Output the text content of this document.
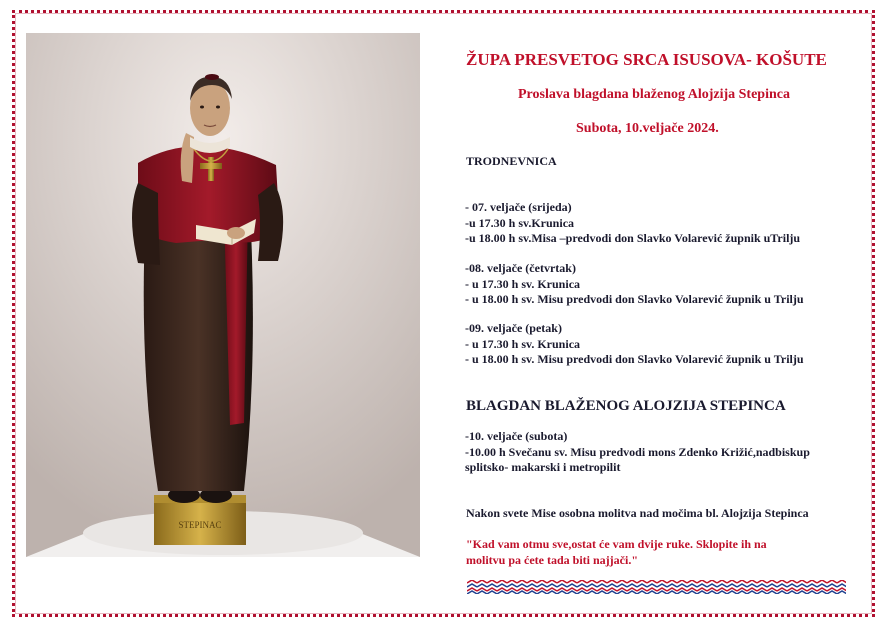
STEPINAC
ŽUPA PRESVETOG SRCA ISUSOVA- KOŠUTE
Proslava blagdana blaženog Alojzija Stepinca
Subota, 10.veljače 2024.
TRODNEVNICA
- 07. veljače (srijeda)
-u 17.30 h sv.Krunica
-u 18.00 h sv.Misa –predvodi don Slavko Volarević župnik uTrilju
-08. veljače (četvrtak)
- u 17.30 h sv. Krunica
- u 18.00 h sv. Misu predvodi don Slavko Volarević župnik u Trilju
-09. veljače (petak)
- u 17.30 h sv. Krunica
- u 18.00 h sv. Misu predvodi don Slavko Volarević župnik u Trilju
BLAGDAN BLAŽENOG ALOJZIJA STEPINCA
-10. veljače (subota)
-10.00 h Svečanu sv. Misu predvodi mons Zdenko Križić,nadbiskup
splitsko- makarski i metropilit
Nakon svete Mise osobna molitva nad močima bl. Alojzija Stepinca
"Kad vam otmu sve,ostat će vam dvije ruke. Sklopite ih na
molitvu pa ćete tada biti najjači."
